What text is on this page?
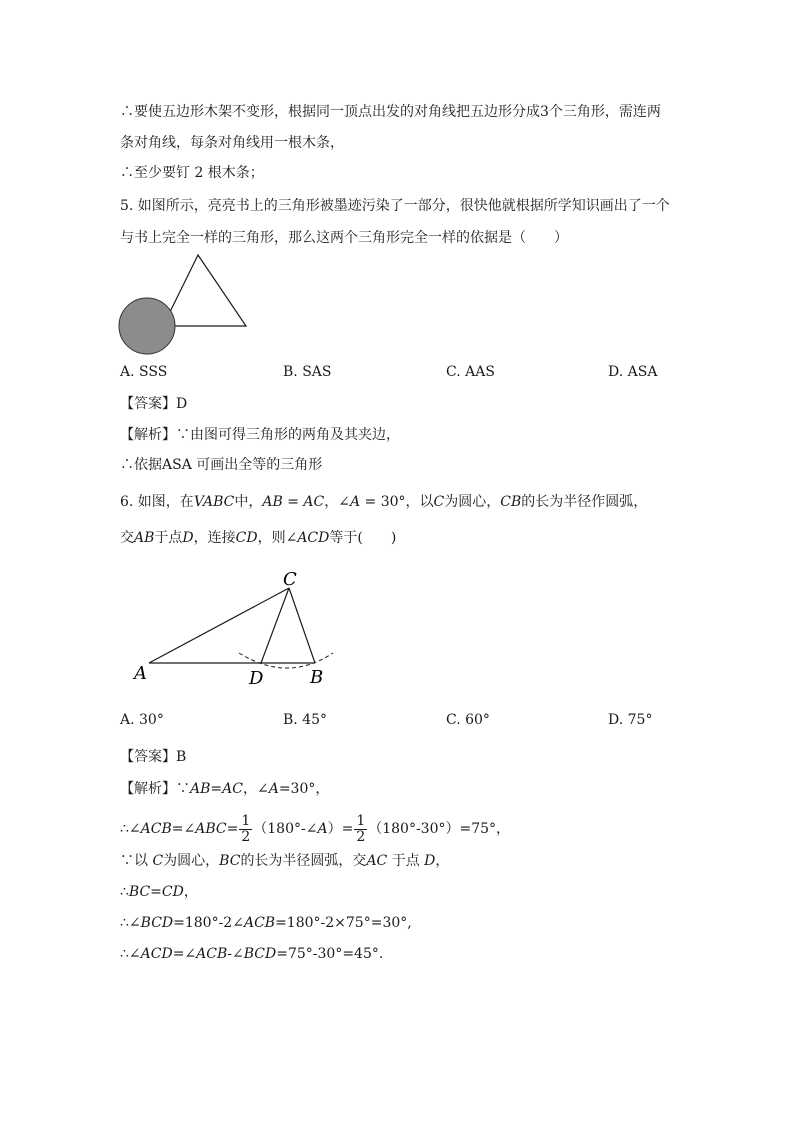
∴要使五边形木架不变形，根据同一顶点出发的对角线把五边形分成3个三角形，需连两
条对角线，每条对角线用一根木条，
∴至少要钉 2 根木条；
5. 如图所示，亮亮书上的三角形被墨迹污染了一部分，很快他就根据所学知识画出了一个
与书上完全一样的三角形，那么这两个三角形完全一样的依据是（　　）
A. SSS	B. SAS	C. AAS	D. ASA
【答案】D
【解析】∵由图可得三角形的两角及其夹边，
∴依据ASA 可画出全等的三角形
6. 如图，在VABC中，AB = AC，∠A = 30°，以C为圆心，CB的长为半径作圆弧，
交AB于点D，连接CD，则∠ACD等于(　　)
C
A	D	B
A. 30°	B. 45°	C. 60°	D. 75°
【答案】B
【解析】∵AB=AC，∠A=30°，
∴∠ACB=∠ABC= $\frac{1}{2}$ （180°-∠A）= $\frac{1}{2} (180^\circ-30^\circ)=75^\circ$，
∵以 C为圆心，BC的长为半径圆弧，交AC 于点 D，
∴BC=CD，
∴∠BCD=180°-2∠ACB=180°-2×75°=30°,
∴∠ACD=∠ACB-∠BCD=75°-30°=45°.
